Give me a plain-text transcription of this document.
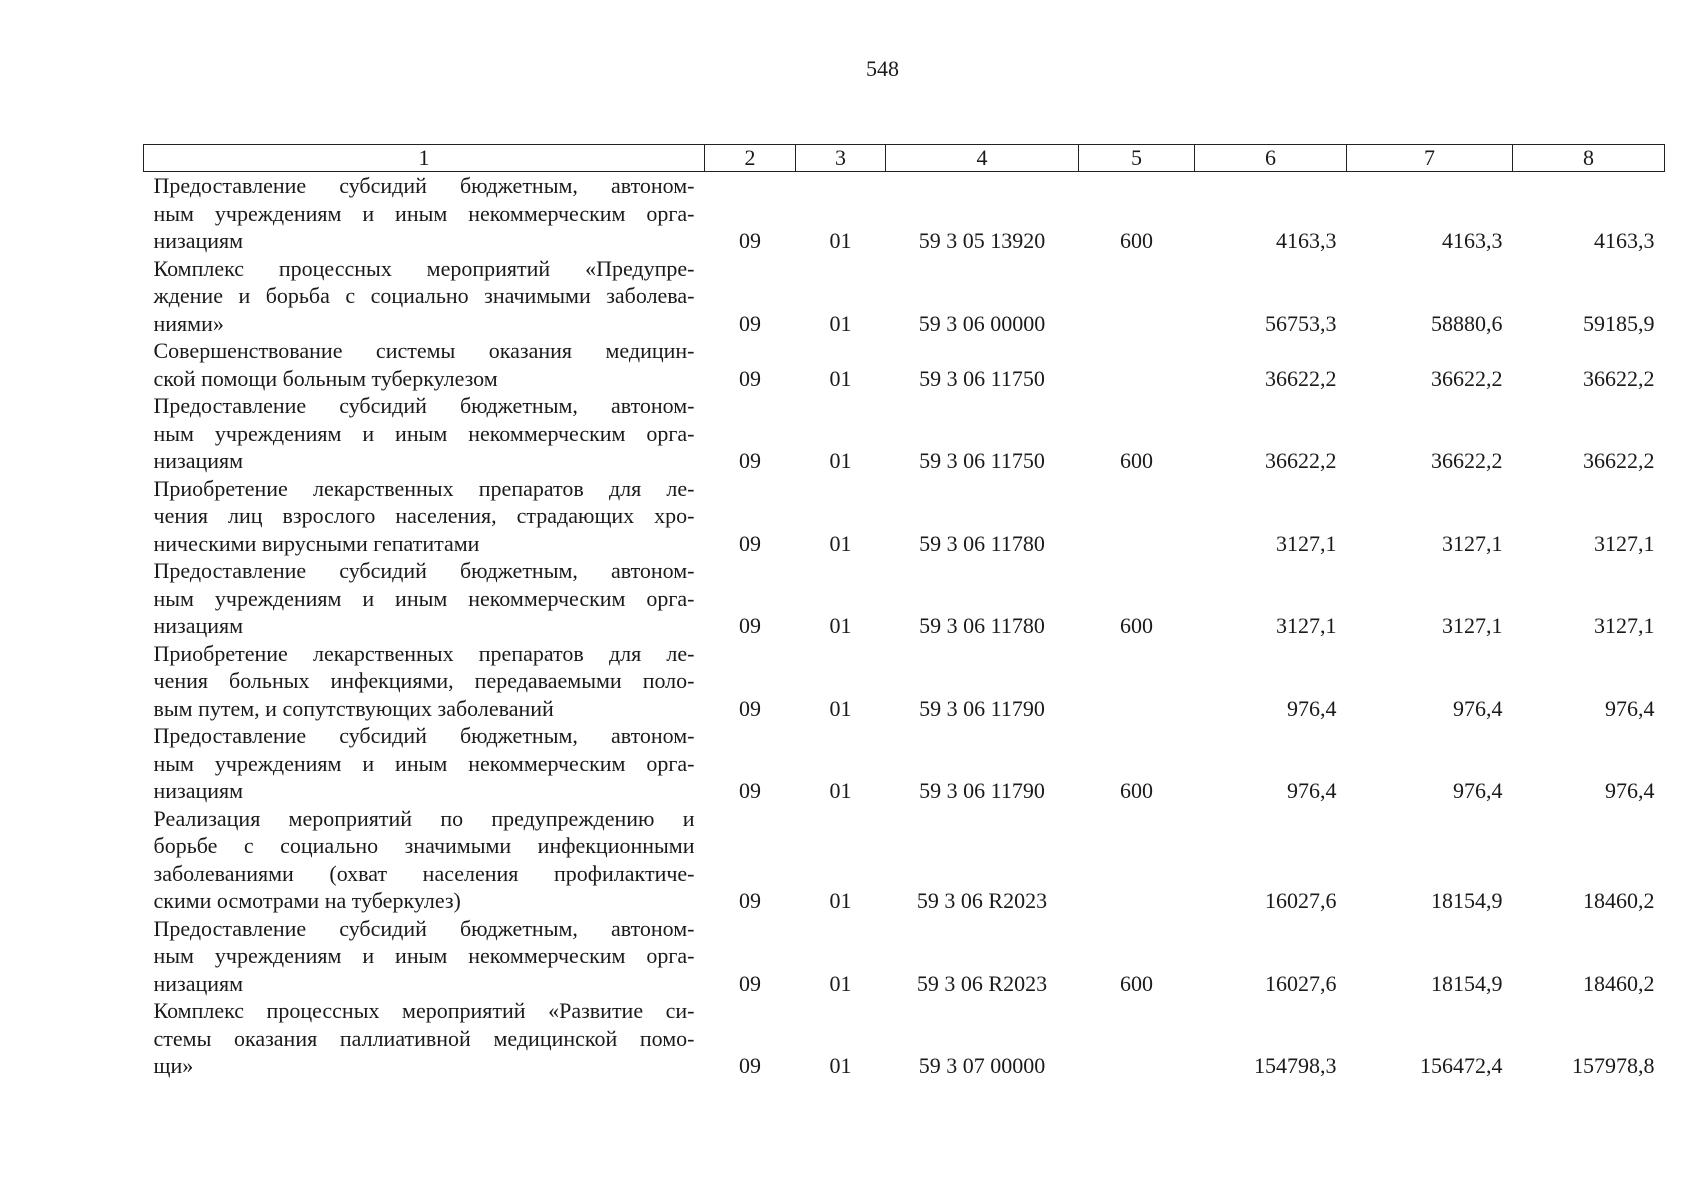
548
1	2	3	4	5	6	7	8

Предоставление субсидий бюджетным, автоном-
ным учреждениям и иным некоммерческим орга-
низациям	09	01	59 3 05 13920	600	4163,3	4163,3	4163,3

Комплекс процессных мероприятий «Предупре-
ждение и борьба с социально значимыми заболева-
ниями»	09	01	59 3 06 00000		56753,3	58880,6	59185,9

Совершенствование системы оказания медицин-
ской помощи больным туберкулезом	09	01	59 3 06 11750		36622,2	36622,2	36622,2

Предоставление субсидий бюджетным, автоном-
ным учреждениям и иным некоммерческим орга-
низациям	09	01	59 3 06 11750	600	36622,2	36622,2	36622,2

Приобретение лекарственных препаратов для ле-
чения лиц взрослого населения, страдающих хро-
ническими вирусными гепатитами	09	01	59 3 06 11780		3127,1	3127,1	3127,1

Предоставление субсидий бюджетным, автоном-
ным учреждениям и иным некоммерческим орга-
низациям	09	01	59 3 06 11780	600	3127,1	3127,1	3127,1

Приобретение лекарственных препаратов для ле-
чения больных инфекциями, передаваемыми поло-
вым путем, и сопутствующих заболеваний	09	01	59 3 06 11790		976,4	976,4	976,4

Предоставление субсидий бюджетным, автоном-
ным учреждениям и иным некоммерческим орга-
низациям	09	01	59 3 06 11790	600	976,4	976,4	976,4

Реализация мероприятий по предупреждению и
борьбе с социально значимыми инфекционными
заболеваниями (охват населения профилактиче-
скими осмотрами на туберкулез)	09	01	59 3 06 R2023		16027,6	18154,9	18460,2

Предоставление субсидий бюджетным, автоном-
ным учреждениям и иным некоммерческим орга-
низациям	09	01	59 3 06 R2023	600	16027,6	18154,9	18460,2

Комплекс процессных мероприятий «Развитие си-
стемы оказания паллиативной медицинской помо-
щи»	09	01	59 3 07 00000		154798,3	156472,4	157978,8
